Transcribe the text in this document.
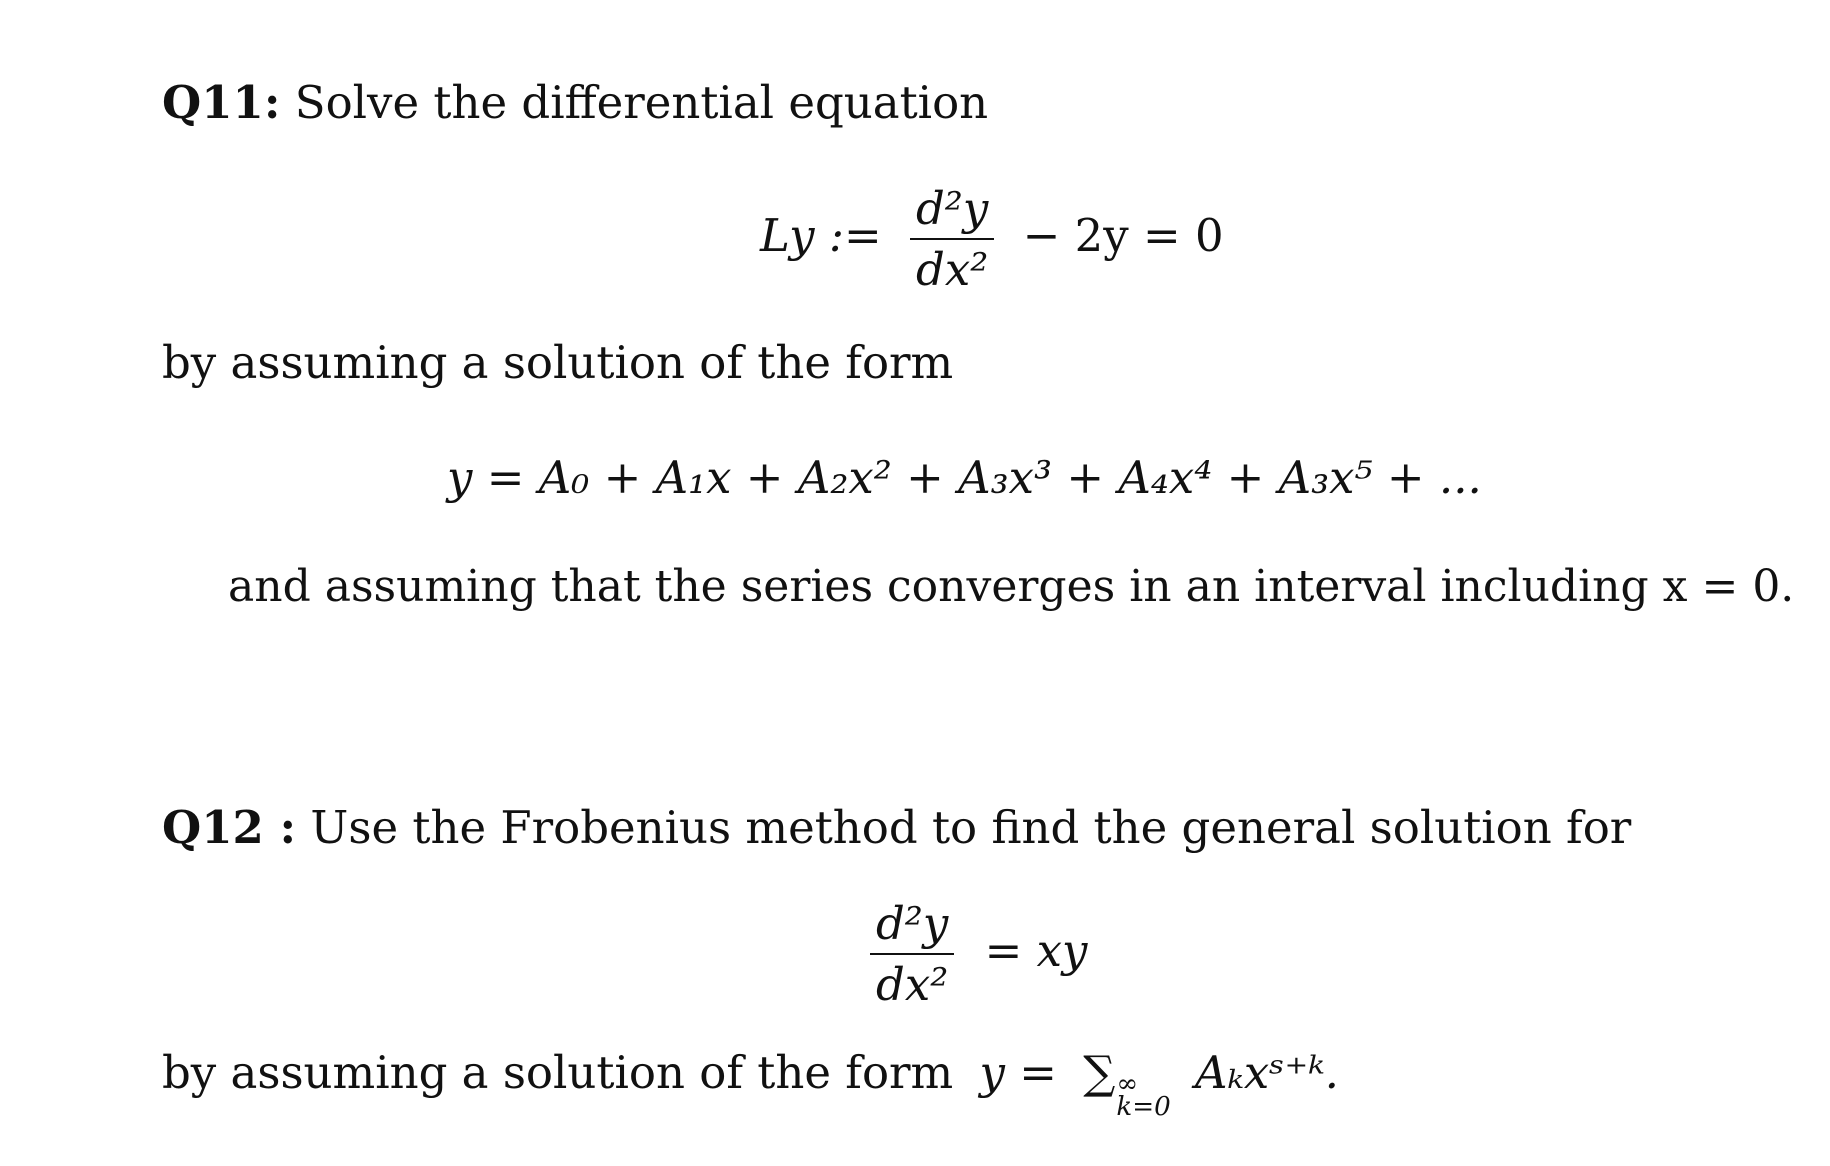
Q11: Solve the differential equation
Ly := $\frac{\text{d²y}}{\text{dx²}} - 2y = 0$
by assuming a solution of the form
y = A₀ + A₁x + A₂x² + A₃x³ + A₄x⁴ + A₃x⁵ + ...
and assuming that the series converges in an interval including x = 0.
Q12 : Use the Frobenius method to find the general solution for
$\frac{\text{d²y}}{\text{dx²}}$ = xy
by assuming a solution of the form y = ∑ ∞
k=0
Aₖxˢ⁺ᵏ.
